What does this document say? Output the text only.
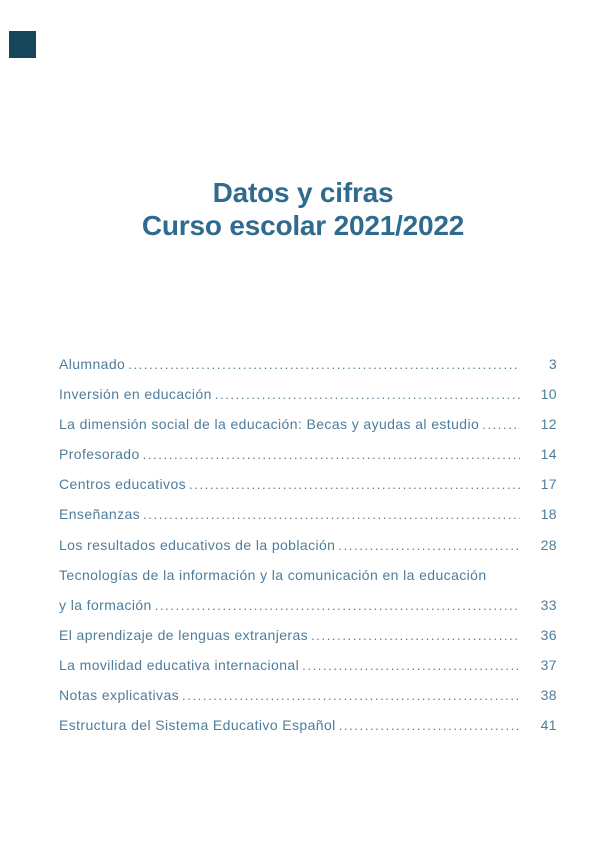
Datos y cifras
Curso escolar 2021/2022
Alumnado .....	3
Inversión en educación .....	10
La dimensión social de la educación: Becas y ayudas al estudio .....	12
Profesorado .....	14
Centros educativos .....	17
Enseñanzas .....	18
Los resultados educativos de la población .....	28
Tecnologías de la información y la comunicación en la educación
y la formación .....	33
El aprendizaje de lenguas extranjeras .....	36
La movilidad educativa internacional .....	37
Notas explicativas .....	38
Estructura del Sistema Educativo Español .....	41
